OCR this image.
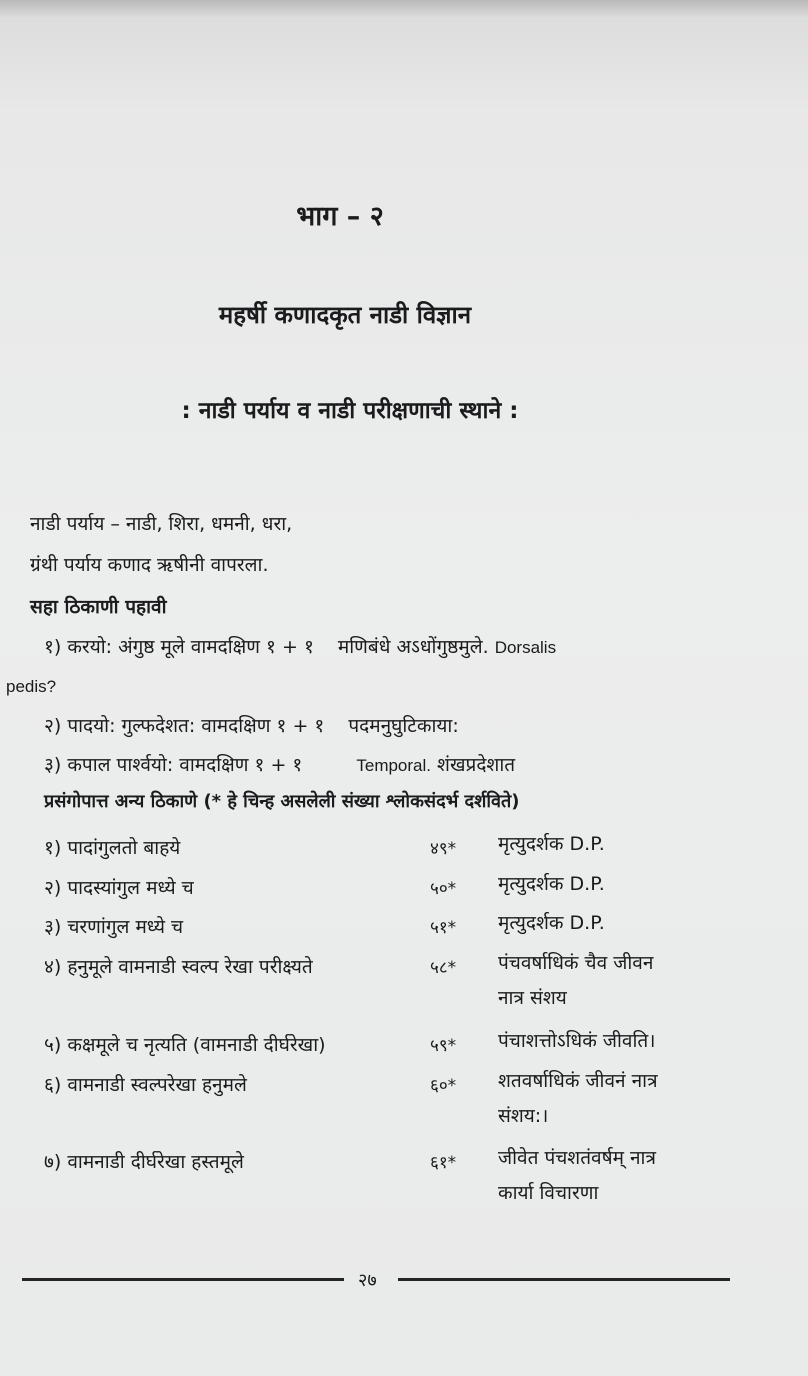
भाग – २
महर्षी कणादकृत नाडी विज्ञान
: नाडी पर्याय व नाडी परीक्षणाची स्थाने :
नाडी पर्याय – नाडी, शिरा, धमनी, धरा,
ग्रंथी पर्याय कणाद ऋषीनी वापरला.
सहा ठिकाणी पहावी
१) करयो: अंगुष्ठ मूले वामदक्षिण १ + १ मणिबंधे अऽधोंगुष्ठमुले. Dorsalis
pedis?
२) पादयो: गुल्फदेशत: वामदक्षिण १ + १ पदमनुघुटिकाया:
३) कपाल पार्श्वयो: वामदक्षिण १ + १	Temporal. शंखप्रदेशात
प्रसंगोपात्त अन्य ठिकाणे (* हे चिन्ह असलेली संख्या श्लोकसंदर्भ दर्शविते)
१) पादांगुलतो बाहये	४९* मृत्युदर्शक D.P.
२) पादस्यांगुल मध्ये च	५०* मृत्युदर्शक D.P.
३) चरणांगुल मध्ये च	५१* मृत्युदर्शक D.P.
४) हनुमूले वामनाडी स्वल्प रेखा परीक्ष्यते	५८* पंचवर्षाधिकं चैव जीवन
नात्र संशय
५) कक्षमूले च नृत्यति (वामनाडी दीर्घरेखा)	५९* पंचाशत्तोऽधिकं जीवति।
६) वामनाडी स्वल्परेखा हनुमले	६०* शतवर्षाधिकं जीवनं नात्र
संशय:।
७) वामनाडी दीर्घरेखा हस्तमूले	६१* जीवेत पंचशतंवर्षम् नात्र
कार्या विचारणा
२७
